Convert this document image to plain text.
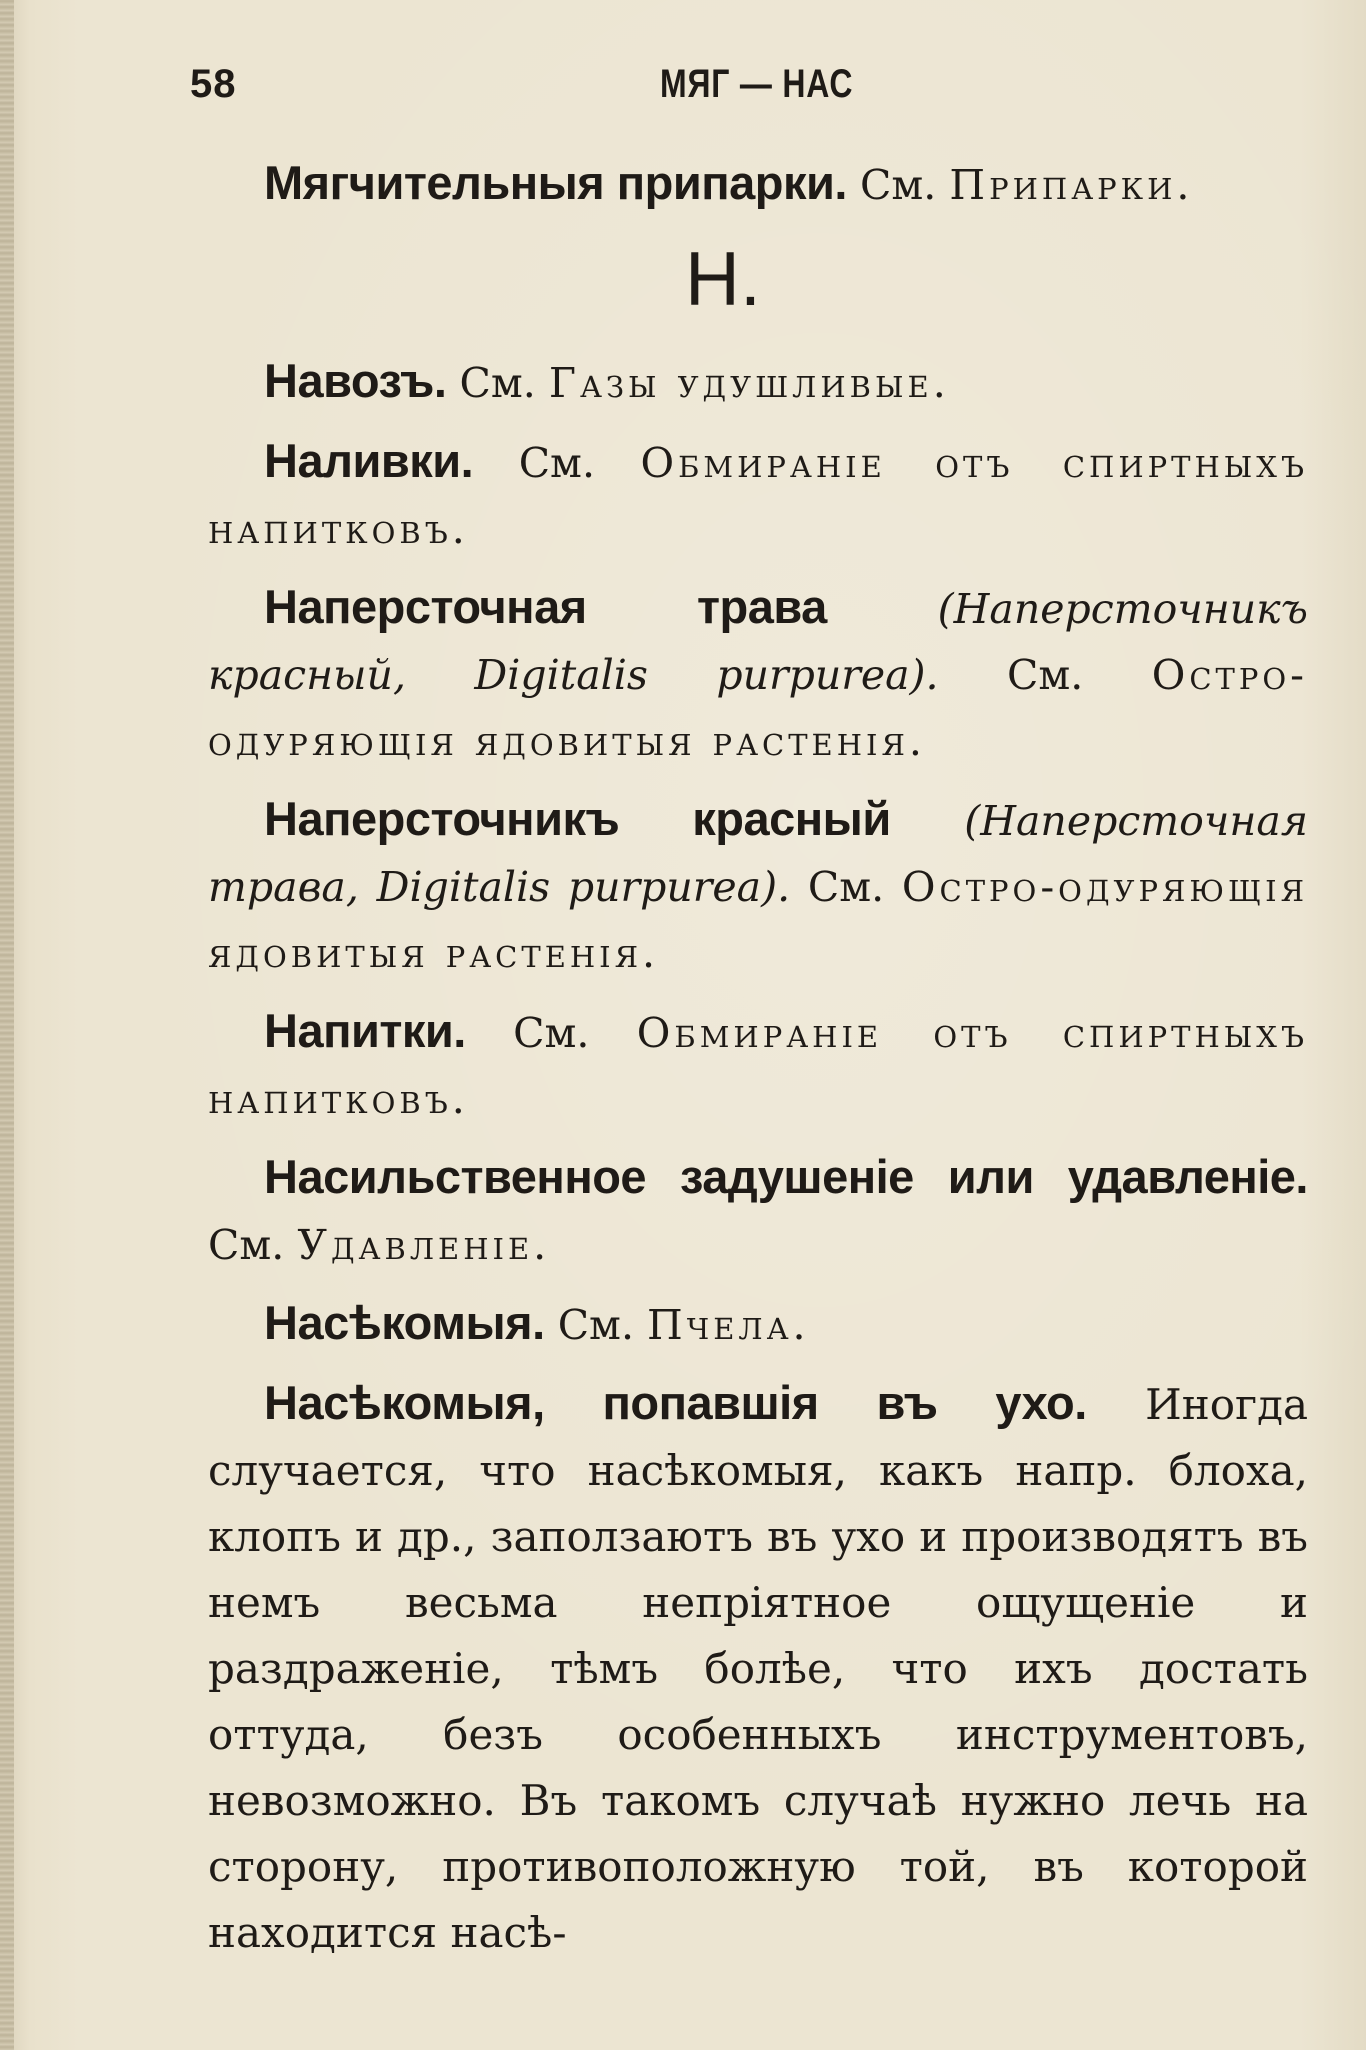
58	МЯГ — НАС

Мягчительныя припарки. См. Припарки.

Н.

Навозъ. См. Газы удушливые.

Наливки. См. Обмиранiе отъ спиртныхъ напитковъ.

Наперсточная трава	(Наперсточникъ красный, Digitalis purpurea). См. Остро-одуряющiя ядовитыя растенiя.

Наперсточникъ красный (Наперсточная трава, Digitalis purpurea). См. Остро-одуряющiя ядовитыя растенiя.

Напитки. См. Обмиранiе отъ спиртныхъ напитковъ.

Насильственное задушенiе или удавленiе. См. Удавленiе.

Насѣкомыя. См. Пчела.

Насѣкомыя, попавшiя въ ухо. Иногда случается, что насѣкомыя, какъ напр. блоха, клопъ и др., заползаютъ въ ухо и производятъ въ немъ весьма непрiятное ощущенiе и раздраженiе, тѣмъ болѣе, что ихъ достать оттуда, безъ особенныхъ инструментовъ, невозможно. Въ такомъ случаѣ нужно лечь на сторону, противоположную той, въ которой находится насѣ-
